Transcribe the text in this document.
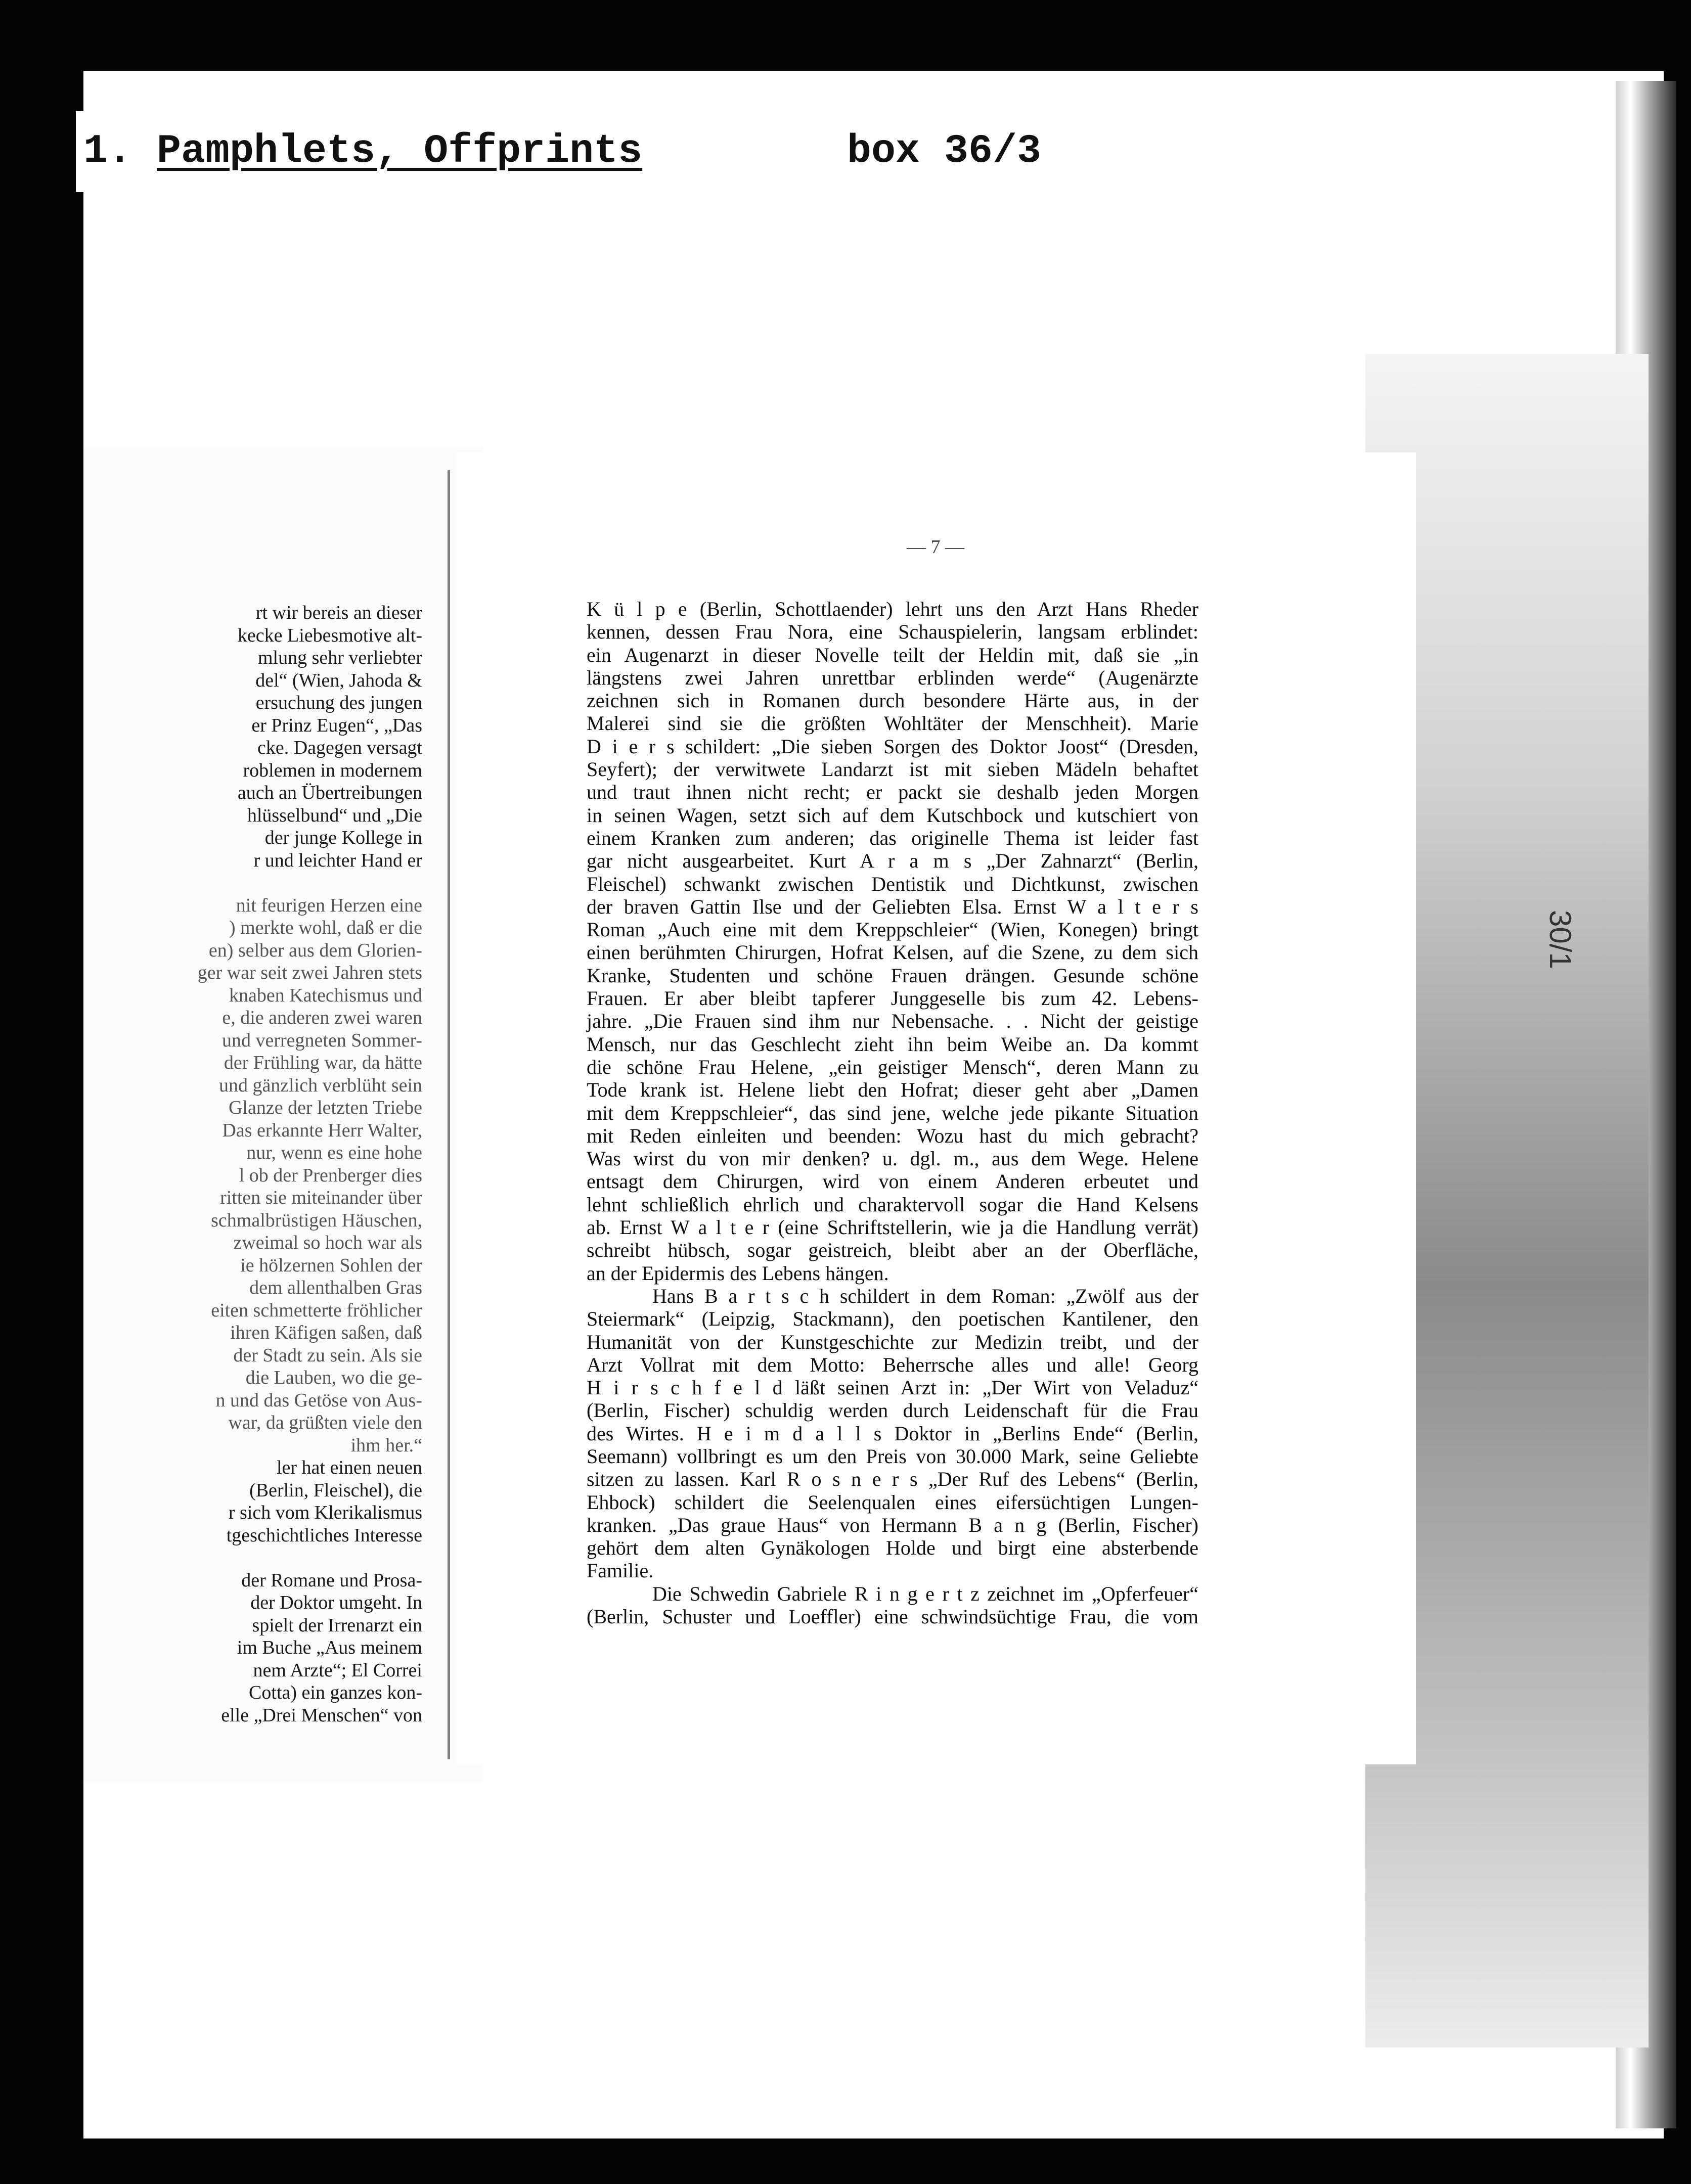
1. Pamphlets, Offprints	box 36/3
rt wir bereis an dieser
kecke Liebesmotive alt-
mlung sehr verliebter
del“ (Wien, Jahoda &
ersuchung des jungen
er Prinz Eugen“, „Das
cke. Dagegen versagt
roblemen in modernem
auch an Übertreibungen
hlüsselbund“ und „Die
der junge Kollege in
r und leichter Hand er
nit feurigen Herzen eine
) merkte wohl, daß er die
en) selber aus dem Glorien-
ger war seit zwei Jahren stets
knaben Katechismus und
e, die anderen zwei waren
und verregneten Sommer-
der Frühling war, da hätte
und gänzlich verblüht sein
Glanze der letzten Triebe
Das erkannte Herr Walter,
nur, wenn es eine hohe
l ob der Prenberger dies
ritten sie miteinander über
schmalbrüstigen Häuschen,
zweimal so hoch war als
ie hölzernen Sohlen der
dem allenthalben Gras
eiten schmetterte fröhlicher
ihren Käfigen saßen, daß
der Stadt zu sein. Als sie
die Lauben, wo die ge-
n und das Getöse von Aus-
war, da grüßten viele den
ihm her.“
ler hat einen neuen
(Berlin, Fleischel), die
r sich vom Klerikalismus
tgeschichtliches Interesse
der Romane und Prosa-
der Doktor umgeht. In
spielt der Irrenarzt ein
im Buche „Aus meinem
nem Arzte“; El Correi
Cotta) ein ganzes kon-
elle „Drei Menschen“ von
— 7 —
K ü l p e (Berlin, Schottlaender) lehrt uns den Arzt Hans Rheder
kennen, dessen Frau Nora, eine Schauspielerin, langsam erblindet:
ein Augenarzt in dieser Novelle teilt der Heldin mit, daß sie „in
längstens zwei Jahren unrettbar erblinden werde“ (Augenärzte
zeichnen sich in Romanen durch besondere Härte aus, in der
Malerei sind sie die größten Wohltäter der Menschheit). Marie
D i e r s schildert: „Die sieben Sorgen des Doktor Joost“ (Dresden,
Seyfert); der verwitwete Landarzt ist mit sieben Mädeln behaftet
und traut ihnen nicht recht; er packt sie deshalb jeden Morgen
in seinen Wagen, setzt sich auf dem Kutschbock und kutschiert von
einem Kranken zum anderen; das originelle Thema ist leider fast
gar nicht ausgearbeitet. Kurt A r a m s „Der Zahnarzt“ (Berlin,
Fleischel) schwankt zwischen Dentistik und Dichtkunst, zwischen
der braven Gattin Ilse und der Geliebten Elsa. Ernst W a l t e r s
Roman „Auch eine mit dem Kreppschleier“ (Wien, Konegen) bringt
einen berühmten Chirurgen, Hofrat Kelsen, auf die Szene, zu dem sich
Kranke, Studenten und schöne Frauen drängen. Gesunde schöne
Frauen. Er aber bleibt tapferer Junggeselle bis zum 42. Lebens-
jahre. „Die Frauen sind ihm nur Nebensache. . . Nicht der geistige
Mensch, nur das Geschlecht zieht ihn beim Weibe an. Da kommt
die schöne Frau Helene, „ein geistiger Mensch“, deren Mann zu
Tode krank ist. Helene liebt den Hofrat; dieser geht aber „Damen
mit dem Kreppschleier“, das sind jene, welche jede pikante Situation
mit Reden einleiten und beenden: Wozu hast du mich gebracht?
Was wirst du von mir denken? u. dgl. m., aus dem Wege. Helene
entsagt dem Chirurgen, wird von einem Anderen erbeutet und
lehnt schließlich ehrlich und charaktervoll sogar die Hand Kelsens
ab. Ernst W a l t e r (eine Schriftstellerin, wie ja die Handlung verrät)
schreibt hübsch, sogar geistreich, bleibt aber an der Oberfläche,
an der Epidermis des Lebens hängen.
Hans B a r t s c h schildert in dem Roman: „Zwölf aus der
Steiermark“ (Leipzig, Stackmann), den poetischen Kantilener, den
Humanität von der Kunstgeschichte zur Medizin treibt, und der
Arzt Vollrat mit dem Motto: Beherrsche alles und alle! Georg
H i r s c h f e l d läßt seinen Arzt in: „Der Wirt von Veladuz“
(Berlin, Fischer) schuldig werden durch Leidenschaft für die Frau
des Wirtes. H e i m d a l l s Doktor in „Berlins Ende“ (Berlin,
Seemann) vollbringt es um den Preis von 30.000 Mark, seine Geliebte
sitzen zu lassen. Karl R o s n e r s „Der Ruf des Lebens“ (Berlin,
Ehbock) schildert die Seelenqualen eines eifersüchtigen Lungen-
kranken. „Das graue Haus“ von Hermann B a n g (Berlin, Fischer)
gehört dem alten Gynäkologen Holde und birgt eine absterbende
Familie.
Die Schwedin Gabriele R i n g e r t z zeichnet im „Opferfeuer“
(Berlin, Schuster und Loeffler) eine schwindsüchtige Frau, die vom
30/1
